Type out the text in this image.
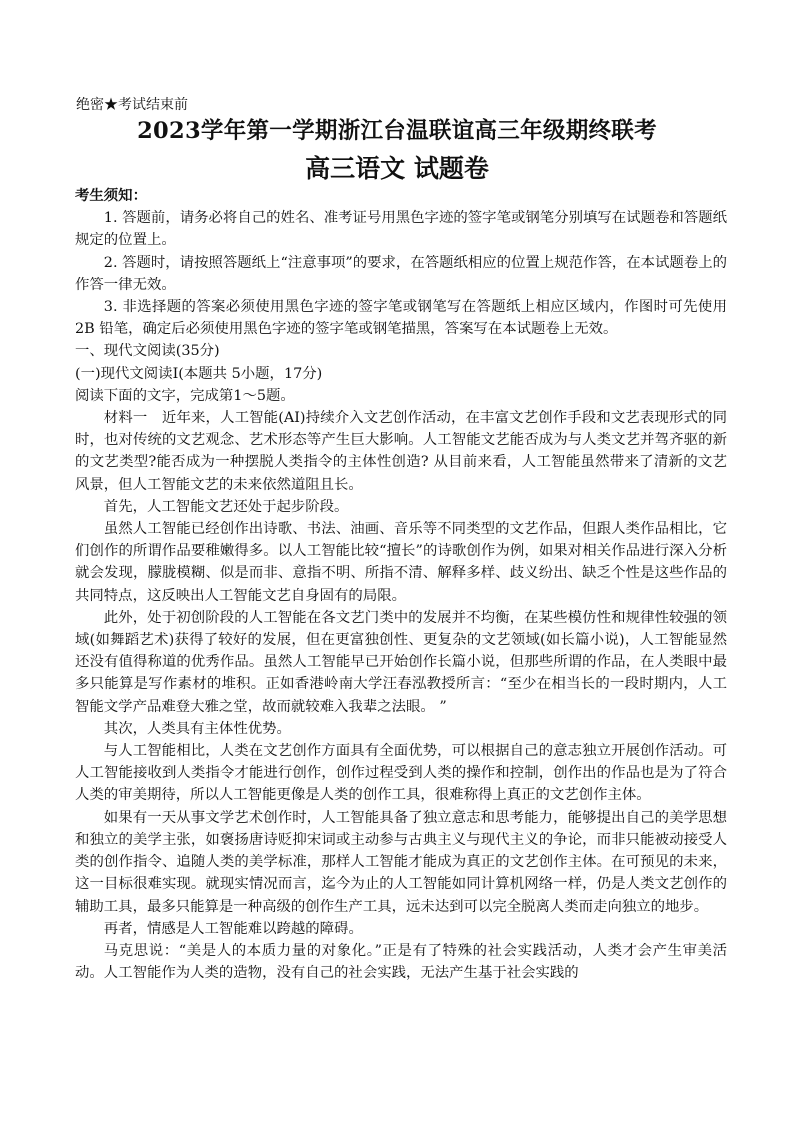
绝密★考试结束前
2023学年第一学期浙江台温联谊高三年级期终联考
高三语文 试题卷

考生须知：

1. 答题前，请务必将自己的姓名、准考证号用黑色字迹的签字笔或钢笔分别填写在试题卷和答题纸规定的位置上。

2. 答题时，请按照答题纸上“注意事项”的要求，在答题纸相应的位置上规范作答，在本试题卷上的作答一律无效。

3. 非选择题的答案必须使用黑色字迹的签字笔或钢笔写在答题纸上相应区域内，作图时可先使用2B 铅笔，确定后必须使用黑色字迹的签字笔或钢笔描黑，答案写在本试题卷上无效。

一、现代文阅读(35分)

(一)现代文阅读Ⅰ(本题共 5小题，17分)

阅读下面的文字，完成第1～5题。

材料一　近年来，人工智能(AI)持续介入文艺创作活动，在丰富文艺创作手段和文艺表现形式的同时，也对传统的文艺观念、艺术形态等产生巨大影响。人工智能文艺能否成为与人类文艺并驾齐驱的新的文艺类型?能否成为一种摆脱人类指令的主体性创造? 从目前来看，人工智能虽然带来了清新的文艺风景，但人工智能文艺的未来依然道阻且长。

首先，人工智能文艺还处于起步阶段。

虽然人工智能已经创作出诗歌、书法、油画、音乐等不同类型的文艺作品，但跟人类作品相比，它们创作的所谓作品要稚嫩得多。以人工智能比较“擅长”的诗歌创作为例，如果对相关作品进行深入分析就会发现，朦胧模糊、似是而非、意指不明、所指不清、解释多样、歧义纷出、缺乏个性是这些作品的共同特点，这反映出人工智能文艺自身固有的局限。

此外，处于初创阶段的人工智能在各文艺门类中的发展并不均衡，在某些模仿性和规律性较强的领域(如舞蹈艺术)获得了较好的发展，但在更富独创性、更复杂的文艺领域(如长篇小说)，人工智能显然还没有值得称道的优秀作品。虽然人工智能早已开始创作长篇小说，但那些所谓的作品，在人类眼中最多只能算是写作素材的堆积。正如香港岭南大学汪春泓教授所言：“至少在相当长的一段时期内，人工智能文学产品难登大雅之堂，故而就较难入我辈之法眼。 ”

其次，人类具有主体性优势。

与人工智能相比，人类在文艺创作方面具有全面优势，可以根据自己的意志独立开展创作活动。可人工智能接收到人类指令才能进行创作，创作过程受到人类的操作和控制，创作出的作品也是为了符合人类的审美期待，所以人工智能更像是人类的创作工具，很难称得上真正的文艺创作主体。

如果有一天从事文学艺术创作时，人工智能具备了独立意志和思考能力，能够提出自己的美学思想和独立的美学主张，如褒扬唐诗贬抑宋词或主动参与古典主义与现代主义的争论，而非只能被动接受人类的创作指令、追随人类的美学标准，那样人工智能才能成为真正的文艺创作主体。在可预见的未来，这一目标很难实现。就现实情况而言，迄今为止的人工智能如同计算机网络一样，仍是人类文艺创作的辅助工具，最多只能算是一种高级的创作生产工具，远未达到可以完全脱离人类而走向独立的地步。

再者，情感是人工智能难以跨越的障碍。

马克思说：“美是人的本质力量的对象化。”正是有了特殊的社会实践活动，人类才会产生审美活动。人工智能作为人类的造物，没有自己的社会实践，无法产生基于社会实践的
